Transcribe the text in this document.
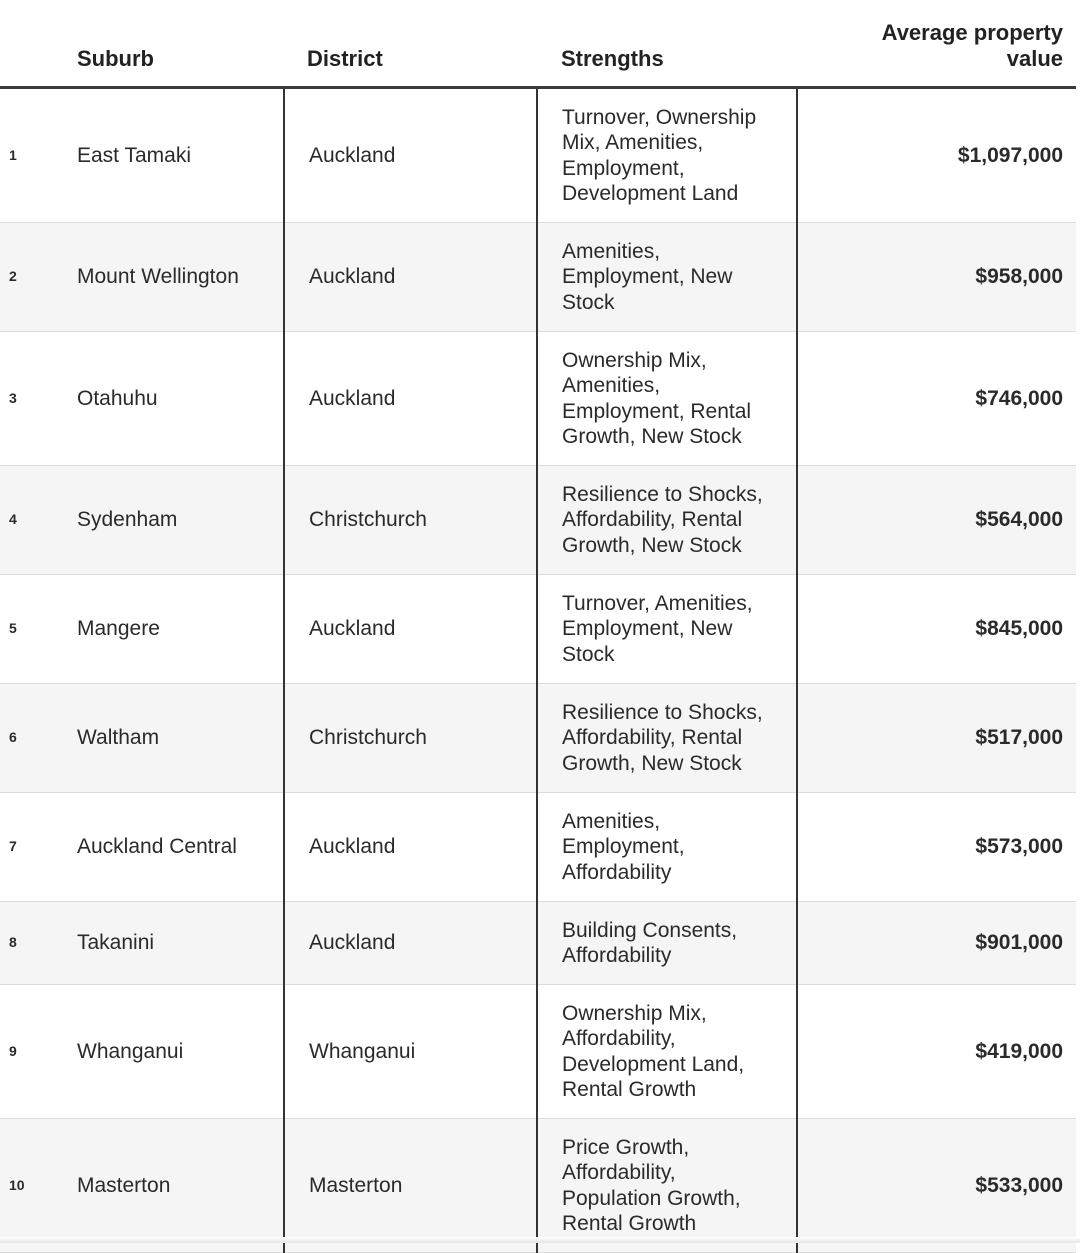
	Suburb	District	Strengths	Average property
value
1	East Tamaki	Auckland	Turnover, Ownership Mix, Amenities, Employment, Development Land	$1,097,000
2	Mount Wellington	Auckland	Amenities, Employment, New Stock	$958,000
3	Otahuhu	Auckland	Ownership Mix, Amenities, Employment, Rental Growth, New Stock	$746,000
4	Sydenham	Christchurch	Resilience to Shocks, Affordability, Rental Growth, New Stock	$564,000
5	Mangere	Auckland	Turnover, Amenities, Employment, New Stock	$845,000
6	Waltham	Christchurch	Resilience to Shocks, Affordability, Rental Growth, New Stock	$517,000
7	Auckland Central	Auckland	Amenities, Employment, Affordability	$573,000
8	Takanini	Auckland	Building Consents, Affordability	$901,000
9	Whanganui	Whanganui	Ownership Mix, Affordability, Development Land, Rental Growth	$419,000
10	Masterton	Masterton	Price Growth, Affordability, Population Growth, Rental Growth	$533,000
